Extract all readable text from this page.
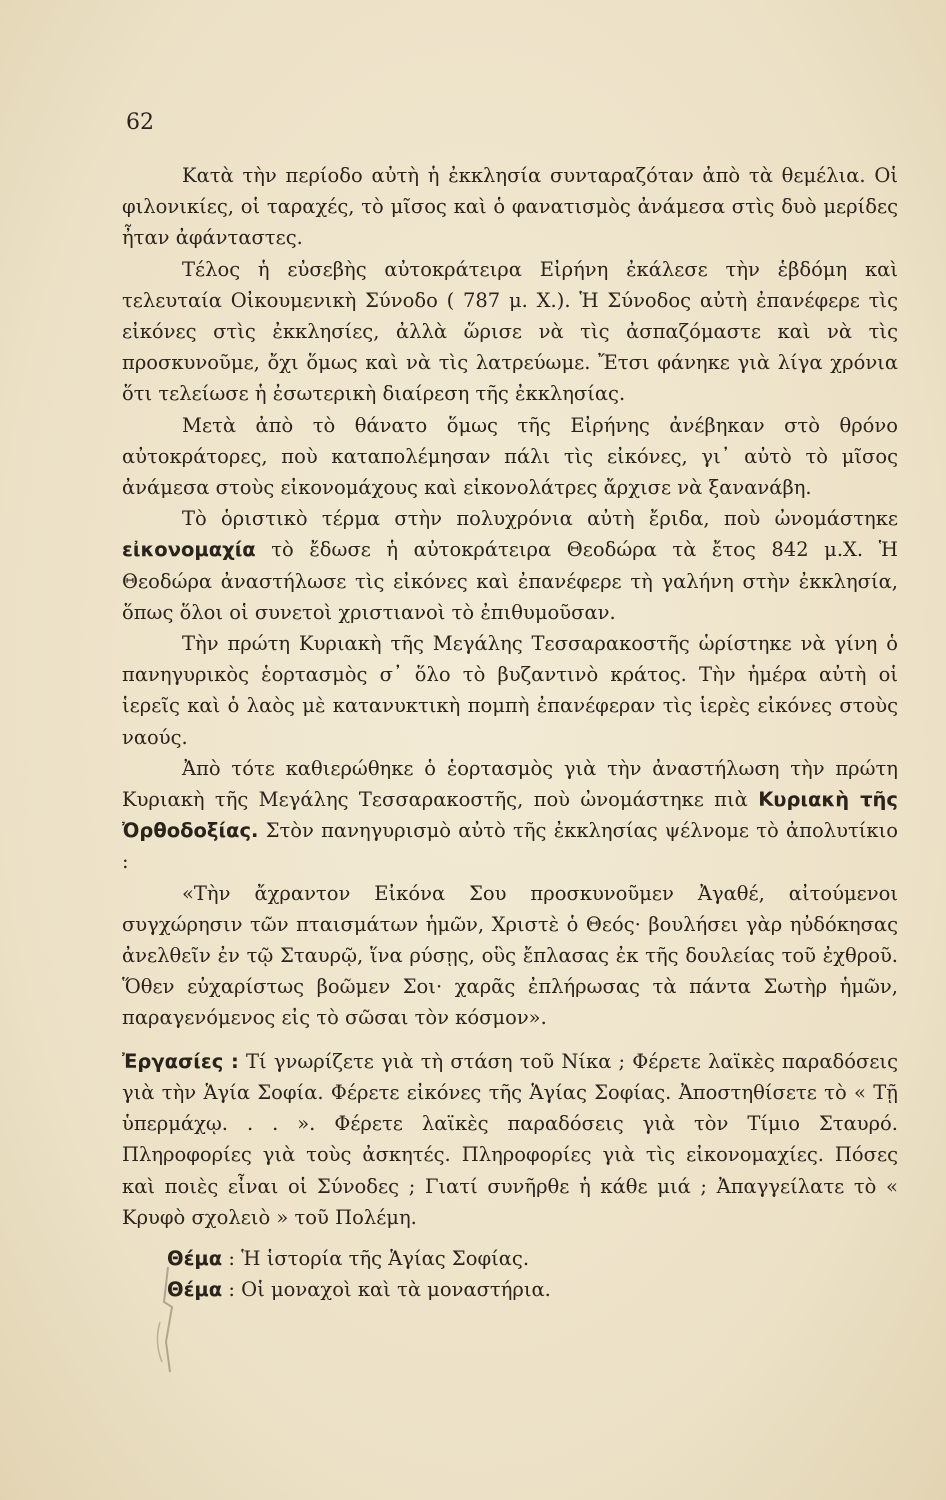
62

Κατὰ τὴν περίοδο αὐτὴ ἡ ἐκκλησία συνταραζόταν ἀπὸ τὰ θεμέλια. Οἱ φιλονικίες, οἱ ταραχές, τὸ μῖσος καὶ ὁ φανατισμὸς ἀνάμεσα στὶς δυὸ μερίδες ἦταν ἀφάνταστες.

Τέλος ἡ εὐσεβὴς αὐτοκράτειρα Εἰρήνη ἐκάλεσε τὴν ἑβδόμη καὶ τελευταία Οἰκουμενικὴ Σύνοδο ( 787 μ. Χ.). Ἡ Σύνοδος αὐτὴ ἐπανέφερε τὶς εἰκόνες στὶς ἐκκλησίες, ἀλλὰ ὥρισε νὰ τὶς ἀσπαζόμαστε καὶ νὰ τὶς προσκυνοῦμε, ὄχι ὅμως καὶ νὰ τὶς λατρεύωμε. Ἔτσι φάνηκε γιὰ λίγα χρόνια ὅτι τελείωσε ἡ ἐσωτερικὴ διαίρεση τῆς ἐκκλησίας.

Μετὰ ἀπὸ τὸ θάνατο ὅμως τῆς Εἰρήνης ἀνέβηκαν στὸ θρόνο αὐτοκράτορες, ποὺ καταπολέμησαν πάλι τὶς εἰκόνες, γι᾽ αὐτὸ τὸ μῖσος ἀνάμεσα στοὺς εἰκονομάχους καὶ εἰκονολάτρες ἄρχισε νὰ ξανανάβη.

Τὸ ὁριστικὸ τέρμα στὴν πολυχρόνια αὐτὴ ἔριδα, ποὺ ὠνομάστηκε εἰκονομαχία τὸ ἔδωσε ἡ αὐτοκράτειρα Θεοδώρα τὰ ἔτος 842 μ.Χ. Ἡ Θεοδώρα ἀναστήλωσε τὶς εἰκόνες καὶ ἐπανέφερε τὴ γαλήνη στὴν ἐκκλησία, ὅπως ὅλοι οἱ συνετοὶ χριστιανοὶ τὸ ἐπιθυμοῦσαν.

Τὴν πρώτη Κυριακὴ τῆς Μεγάλης Τεσσαρακοστῆς ὡρίστηκε νὰ γίνη ὁ πανηγυρικὸς ἑορτασμὸς σ᾽ ὅλο τὸ βυζαντινὸ κράτος. Τὴν ἡμέρα αὐτὴ οἱ ἱερεῖς καὶ ὁ λαὸς μὲ κατανυκτικὴ πομπὴ ἐπανέφεραν τὶς ἱερὲς εἰκόνες στοὺς ναούς.

Ἀπὸ τότε καθιερώθηκε ὁ ἑορτασμὸς γιὰ τὴν ἀναστήλωση τὴν πρώτη Κυριακὴ τῆς Μεγάλης Τεσσαρακοστῆς, ποὺ ὠνομάστηκε πιὰ Κυριακὴ τῆς Ὀρθοδοξίας. Στὸν πανηγυρισμὸ αὐτὸ τῆς ἐκκλησίας ψέλνομε τὸ ἀπολυτίκιο :

«Τὴν ἄχραντον Εἰκόνα Σου προσκυνοῦμεν Ἀγαθέ, αἰτούμενοι συγχώρησιν τῶν πταισμάτων ἡμῶν, Χριστὲ ὁ Θεός· βουλήσει γὰρ ηὐδόκησας ἀνελθεῖν ἐν τῷ Σταυρῷ, ἵνα ρύσῃς, οὓς ἔπλασας ἐκ τῆς δουλείας τοῦ ἐχθροῦ. Ὅθεν εὐχαρίστως βοῶμεν Σοι· χαρᾶς ἐπλήρωσας τὰ πάντα Σωτὴρ ἡμῶν, παραγενόμενος εἰς τὸ σῶσαι τὸν κόσμον».

Ἐργασίες : Τί γνωρίζετε γιὰ τὴ στάση τοῦ Νίκα ; Φέρετε λαϊκὲς παραδόσεις γιὰ τὴν Ἁγία Σοφία. Φέρετε εἰκόνες τῆς Ἁγίας Σοφίας. Ἀποστηθίσετε τὸ « Τῇ ὑπερμάχῳ. . . ». Φέρετε λαϊκὲς παραδόσεις γιὰ τὸν Τίμιο Σταυρό. Πληροφορίες γιὰ τοὺς ἀσκητές. Πληροφορίες γιὰ τὶς εἰκονομαχίες. Πόσες καὶ ποιὲς εἶναι οἱ Σύνοδες ; Γιατί συνῆρθε ἡ κάθε μιά ; Ἀπαγγείλατε τὸ « Κρυφὸ σχολειὸ » τοῦ Πολέμη.

Θέμα : Ἡ ἱστορία τῆς Ἁγίας Σοφίας.

Θέμα : Οἱ μοναχοὶ καὶ τὰ μοναστήρια.
